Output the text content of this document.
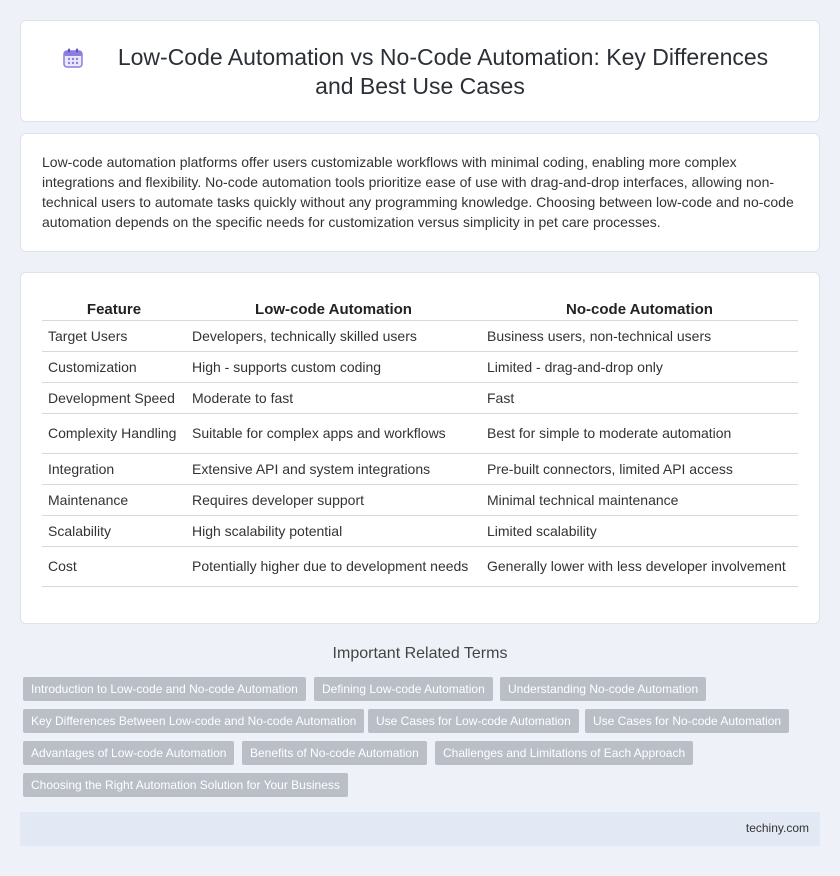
Low-Code Automation vs No-Code Automation: Key Differences
and Best Use Cases

Low-code automation platforms offer users customizable workflows with minimal coding, enabling more complex integrations and flexibility. No-code automation tools prioritize ease of use with drag-and-drop interfaces, allowing non-technical users to automate tasks quickly without any programming knowledge. Choosing between low-code and no-code automation depends on the specific needs for customization versus simplicity in pet care processes.

Feature	Low-code Automation	No-code Automation
Target Users	Developers, technically skilled users	Business users, non-technical users
Customization	High - supports custom coding	Limited - drag-and-drop only
Development Speed	Moderate to fast	Fast
Complexity Handling	Suitable for complex apps and workflows	Best for simple to moderate automation
Integration	Extensive API and system integrations	Pre-built connectors, limited API access
Maintenance	Requires developer support	Minimal technical maintenance
Scalability	High scalability potential	Limited scalability
Cost	Potentially higher due to development needs	Generally lower with less developer involvement
Important Related Terms
Introduction to Low-code and No-code Automation	Defining Low-code Automation	Understanding No-code Automation
Key Differences Between Low-code and No-code Automation	Use Cases for Low-code Automation	Use Cases for No-code Automation
Advantages of Low-code Automation	Benefits of No-code Automation	Challenges and Limitations of Each Approach
Choosing the Right Automation Solution for Your Business
techiny.com
